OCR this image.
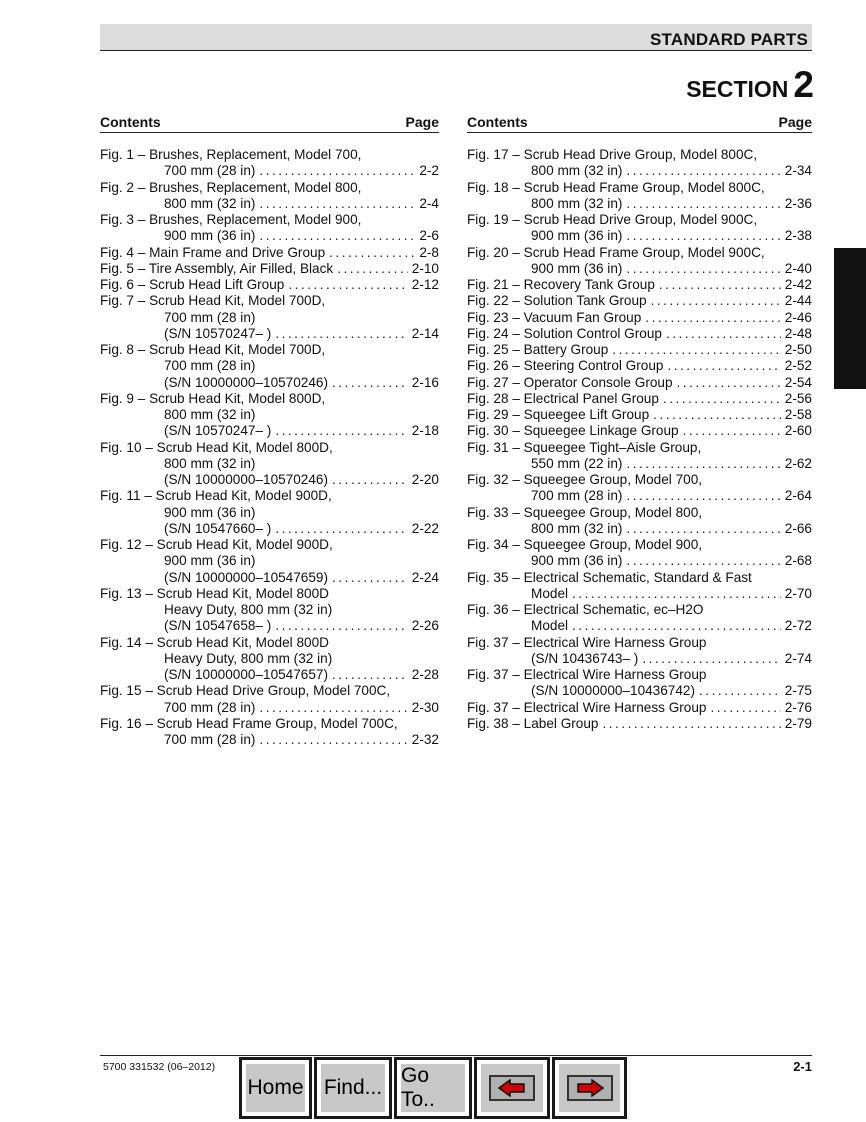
STANDARD PARTS
SECTION 2
Contents	Page
Fig. 1 – Brushes, Replacement, Model 700,
700 mm (28 in) .....	2-2
Fig. 2 – Brushes, Replacement, Model 800,
800 mm (32 in) .....	2-4
Fig. 3 – Brushes, Replacement, Model 900,
900 mm (36 in) .....	2-6
Fig. 4 – Main Frame and Drive Group .....	2-8
Fig. 5 – Tire Assembly, Air Filled, Black .....	2-10
Fig. 6 – Scrub Head Lift Group .....	2-12
Fig. 7 – Scrub Head Kit, Model 700D,
700 mm (28 in)
(S/N 10570247– ) .....	2-14
Fig. 8 – Scrub Head Kit, Model 700D,
700 mm (28 in)
(S/N 10000000–10570246) .....	2-16
Fig. 9 – Scrub Head Kit, Model 800D,
800 mm (32 in)
(S/N 10570247– ) .....	2-18
Fig. 10 – Scrub Head Kit, Model 800D,
800 mm (32 in)
(S/N 10000000–10570246) .....	2-20
Fig. 11 – Scrub Head Kit, Model 900D,
900 mm (36 in)
(S/N 10547660– ) .....	2-22
Fig. 12 – Scrub Head Kit, Model 900D,
900 mm (36 in)
(S/N 10000000–10547659) .....	2-24
Fig. 13 – Scrub Head Kit, Model 800D
Heavy Duty, 800 mm (32 in)
(S/N 10547658– ) .....	2-26
Fig. 14 – Scrub Head Kit, Model 800D
Heavy Duty, 800 mm (32 in)
(S/N 10000000–10547657) .....	2-28
Fig. 15 – Scrub Head Drive Group, Model 700C,
700 mm (28 in) .....	2-30
Fig. 16 – Scrub Head Frame Group, Model 700C,
700 mm (28 in) .....	2-32
Contents	Page
Fig. 17 – Scrub Head Drive Group, Model 800C,
800 mm (32 in) .....	2-34
Fig. 18 – Scrub Head Frame Group, Model 800C,
800 mm (32 in) .....	2-36
Fig. 19 – Scrub Head Drive Group, Model 900C,
900 mm (36 in) .....	2-38
Fig. 20 – Scrub Head Frame Group, Model 900C,
900 mm (36 in) .....	2-40
Fig. 21 – Recovery Tank Group .....	2-42
Fig. 22 – Solution Tank Group .....	2-44
Fig. 23 – Vacuum Fan Group .....	2-46
Fig. 24 – Solution Control Group .....	2-48
Fig. 25 – Battery Group .....	2-50
Fig. 26 – Steering Control Group .....	2-52
Fig. 27 – Operator Console Group .....	2-54
Fig. 28 – Electrical Panel Group .....	2-56
Fig. 29 – Squeegee Lift Group .....	2-58
Fig. 30 – Squeegee Linkage Group .....	2-60
Fig. 31 – Squeegee Tight–Aisle Group,
550 mm (22 in) .....	2-62
Fig. 32 – Squeegee Group, Model 700,
700 mm (28 in) .....	2-64
Fig. 33 – Squeegee Group, Model 800,
800 mm (32 in) .....	2-66
Fig. 34 – Squeegee Group, Model 900,
900 mm (36 in) .....	2-68
Fig. 35 – Electrical Schematic, Standard & Fast
Model .....	2-70
Fig. 36 – Electrical Schematic, ec–H2O
Model .....	2-72
Fig. 37 – Electrical Wire Harness Group
(S/N 10436743– ) .....	2-74
Fig. 37 – Electrical Wire Harness Group
(S/N 10000000–10436742) .....	2-75
Fig. 37 – Electrical Wire Harness Group .....	2-76
Fig. 38 – Label Group .....	2-79
5700 331532 (06–2012)	2-1
Home Find...
Go To..
